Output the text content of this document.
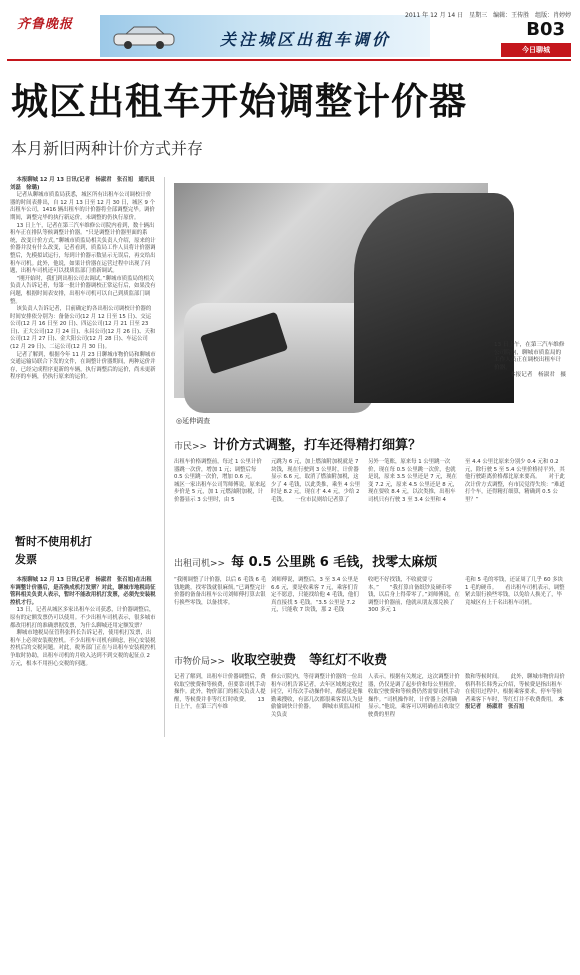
齐鲁晚报
关注城区出租车调价
2011 年 12 月 14 日　星期三　编辑：王传胜　组版：肖婷婷
B03
今日聊城
城区出租车开始调整计价器
本月新旧两种计价方式并存

本报聊城 12 月 13 日讯(记者　杨淑君　张召旭　通讯员　刘磊　徐璐)

记者从聊城市质监局获悉，城区所有出租车公司调校计价器的时间表排出，自 12 月 13 日至 12 月 30 日，城区 9 个出租车公司，1416 辆出租车的计价器将全部调整完毕。调价期间，调整完毕的执行新运价，未调整的仍执行原价。

13 日上午，记者在第三汽车维修公司院内看到，数十辆出租车正在排队等候调整计价器。“只是调整计价器里面的系统，改变计价方式。”聊城市质监局相关负责人介绍，原来的计价器并没有什么改变，记者看到，质监局工作人员将计价器调整后，先模拟试运行，每到计价器示数显示无误后，再交给出租车司机。此外，他说，如果计价器在运营过程中出现了问题，出租车司机还可以找质监部门重新调试。

“刚开始时，我们到出租公司去调试。”聊城市质监局的相关负责人告诉记者，每第一批计价器调校正常运行后，如果没有问题，根据时间表安排，出租车司机可以自己到质监部门调整。

该负责人告诉记者，目前确定的各出租公司调校计价器的时间安排依分别为：备备公司(12 月 12 日至 15 日)、交运公司(12 月 16 日至 20 日)、四运公司(12 月 21 日至 23 日)、正大公司(12 月 24 日)、永昌公司(12 月 26 日)、天和公司(12 月 27 日)、金大阳公司(12 月 28 日)、车运公司(12 月 29 日)、二运公司(12 月 30 日)。

记者了解到，根据今年 11 月 23 日聊城市物价局和聊城市交通运输局联合下发的文件，在调整计价器期间，两种运价并存，已经完成程序更新的车辆，执行调整后的运价，尚未更新程序的车辆，仍执行原来的运价。

暂时不使用机打发票

本报聊城 12 月 13 日讯(记者　杨淑君　张召旭)在出租车调整计价器后，是否换成机打发票？对此，聊城市地税局征管科相关负责人表示，暂时不能改用机打发票，必须先安装税控机才行。

13 日，记者从城区多家出租车公司获悉，计价器调整后，原有的定额发票仍可以使用。不少出租车司机表示，很多城市都改用机打的准确票据发票，为什么聊城还用定额发票？

聊城市地税局征管科张科长告诉记者，使用机打发票，出租车上必须安装税控机。不少出租车司机有顾虑，担心安装税控机后的交税问题。对此，税务部门正在与出租车安装税控机争取时协助，出租车司机的月收入达到不到交税的起征点 2 万元，根本不用担心交税的问题。

13 日上午，在第三汽车维修公司院内，聊城市质监局的工作人员正在调校出租车计价器。
本报记者　杨淑君　摄
◎延伸调查
市民>> 计价方式调整，打车还得精打细算？
出租车价格调整前，每过 1 公里计价器跳一次价，增加 1 元；调整后每 0.5 公里跳一次价，增加 0.6 元。　　城区一家出租车公司驾师傅说，原来起步价是 5 元，加 1 元燃油附加税，计价器显示 3 公里时，由 5
元跳为 6 元，加上燃油附加税就是 7 块钱，现在行驶到 3 公里时，计价器显示 6.6 元，取消了燃油附加税，这少了 4 毛钱，以此类推，乘坐 4 公里时是 8.2 元，现在才 4.4 元，少给 2 毛钱。　　一位市民则给记者算了
另外一笔账，原来每 1 公里跳一次价，现在每 0.5 公里跳一次价，也就是说，原来 3.5 公里还是 7 元，现在变 7.2 元，原来 4.5 公里还是 8 元，现在要收 8.4 元，以次类推，出租车司机只有行驶 3 至 3.4 公里和 4
至 4.4 公里比原来分别少 0.4 元和 0.2 元，除行驶 5 至 5.4 公里价格持平外，其他行驶距离价格都比原来要高。　　对于此次计价方式调整，有市民觉得失埃：“难道打个车，还得精打细算，精确到 0.5 公里？”
出租司机>> 每 0.5 公里跳 6 毛钱，找零太麻烦
“我刚调整了计价器，以后 6 毛钱 6 毛钱地跳，找零钱就很麻烦。”已调整完计价器的备备出租车公司刘师傅打算去银行换些零钱，以备找零。
刘师傅说，调整后，3 至 3.4 公里是 6.6 元，要是收乘客 7 元，乘客们肯定不愿意，只能找给他 4 毛钱，他们真直接找 5 毛钱。“3.5 公里是 7.2 元，只能收 7 块钱，那 2 毛钱
收吧不好找钱，不收就要亏本。”　　“我打算自备纸钞及硬币零钱，以后身上得带零了。”刘师傅说，在调整计价器前，他就从朋友那兑换了 300 多元 1
毛和 5 毛的零钱，还证周了几乎 60 多块 1 毛的硬币。　　看出租车司机表示，调整紧去银行换些零钱，以免给人换光了，毕竟城区有上千名出租车司机。
市物价局>> 收取空驶费　等红灯不收费
记者了解到，出租车计价器调整后，费收取空驶费和等候费，但要靠司机手动操作。此外，物价部门的相关负责人提醒，等候费并非等红灯时收费。　　13 日上午，在第三汽车维
修公司院内，等待调整计价器的一位出租车司机告诉记者，去年区域规定收过同空，可每次手动操作时，都感觉是像勤乘搜收，有部几次都很乘客误认为是偷偷调快计价器。　　聊城市质监局相关负责
人表示，根据有关规定，这次调整计价器，仍仅是调了起步价和每公里租价，收取空驶费和等候费仍然需要司机手动操作。“司机操作时，计价器上会明确显示。”他说，乘客可以明确看出收取空驶费的里程
数和等候时间。　　此外，聊城市物价局价格科科长韩秀云介绍，等候费是指出租车在使用过程中，根据乘客要求，停车等候者乘客下车时，等红灯并不收费费用。 本报记者　杨淑君　张召旭
